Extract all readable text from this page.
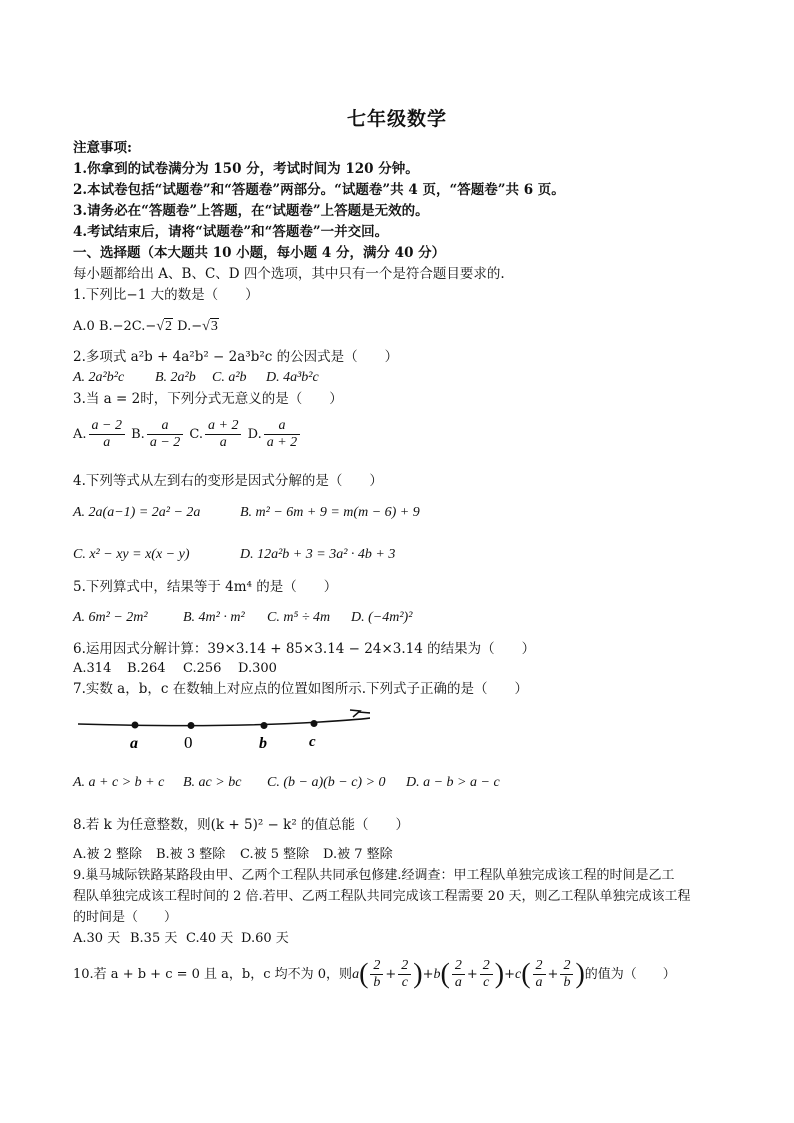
七年级数学
注意事项:
1.你拿到的试卷满分为 150 分，考试时间为 120 分钟。
2.本试卷包括“试题卷”和“答题卷”两部分。“试题卷”共 4 页，“答题卷”共 6 页。
3.请务必在“答题卷”上答题，在“试题卷”上答题是无效的。
4.考试结束后，请将“试题卷”和“答题卷”一并交回。
一、选择题（本大题共 10 小题，每小题 4 分，满分 40 分）
每小题都给出 A、B、C、D 四个选项，其中只有一个是符合题目要求的.
1.下列比−1 大的数是（　　）
A.0 B.−2C.−√2 D.−√3
2.多项式 a²b + 4a²b² − 2a³b²c 的公因式是（　　）
A. 2a²b²c B. 2a²b C. a²b D. 4a³b²c
3.当 a = 2时，下列分式无意义的是（　　）
A. $\frac{a - 2}{a} B$. $\frac{a}{a - 2} C$. $\frac{a + 2}{a} D$. $\frac{a}{a + 2}$
4.下列等式从左到右的变形是因式分解的是（　　）
A. 2a(a−1) = 2a² − 2a	B. m² − 6m + 9 = m(m − 6) + 9
C. x² − xy = x(x − y)	D. 12a²b + 3 = 3a² · 4b + 3
5.下列算式中，结果等于 4m⁴ 的是（　　）
A. 6m² − 2m²	B. 4m² · m² C. m⁵ ÷ 4m D. (−4m²)²
6.运用因式分解计算：39×3.14 + 85×3.14 − 24×3.14 的结果为（　　）
A.314 B.264 C.256 D.300
7.实数 a，b，c 在数轴上对应点的位置如图所示.下列式子正确的是（　　）
a	0	b	c
A. a + c > b + c B. ac > bc C. (b − a)(b − c) > 0 D. a − b > a − c
8.若 k 为任意整数，则(k + 5)² − k² 的值总能（　　）
A.被 2 整除 B.被 3 整除 C.被 5 整除 D.被 7 整除
9.巢马城际铁路某路段由甲、乙两个工程队共同承包修建.经调查：甲工程队单独完成该工程的时间是乙工
程队单独完成该工程时间的 2 倍.若甲、乙两工程队共同完成该工程需要 20 天，则乙工程队单独完成该工程
的时间是（　　）
A.30 天 B.35 天 C.40 天 D.60 天
10.若 a + b + c = 0 且 a，b，c 均不为 0，则$a( \frac{2}{b} + \frac{2}{c} )+b( \frac{2}{a} + \frac{2}{c} )+c( \frac{2}{a} + \frac{2}{b}$ )的值为（　　）
